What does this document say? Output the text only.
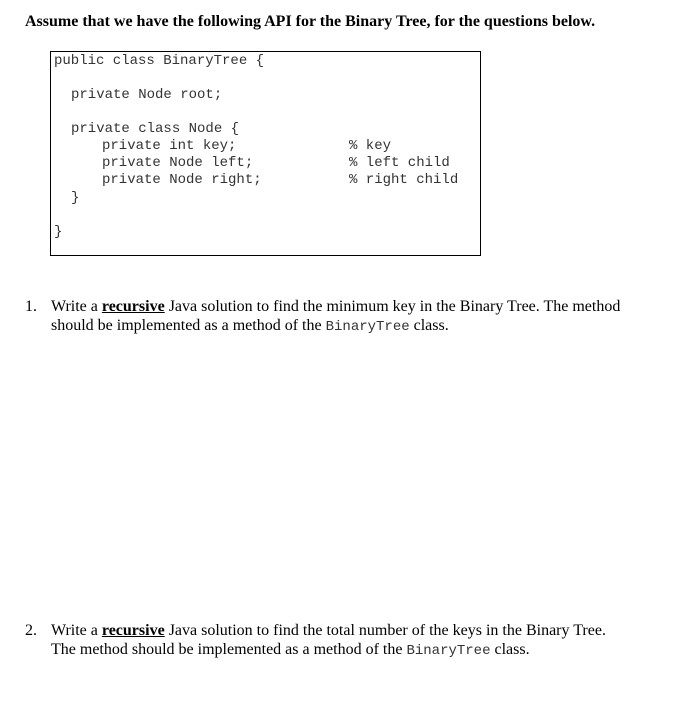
Assume that we have the following API for the Binary Tree, for the questions below.
public class BinaryTree {
private Node root;
private class Node {
private int key;
private Node left;
private Node right;
% key
% left child
% right child
}
}
1. Write a recursive Java solution to find the minimum key in the Binary Tree. The method
should be implemented as a method of the BinaryTree class.
2. Write a recursive Java solution to find the total number of the keys in the Binary Tree.
The method should be implemented as a method of the BinaryTree class.
